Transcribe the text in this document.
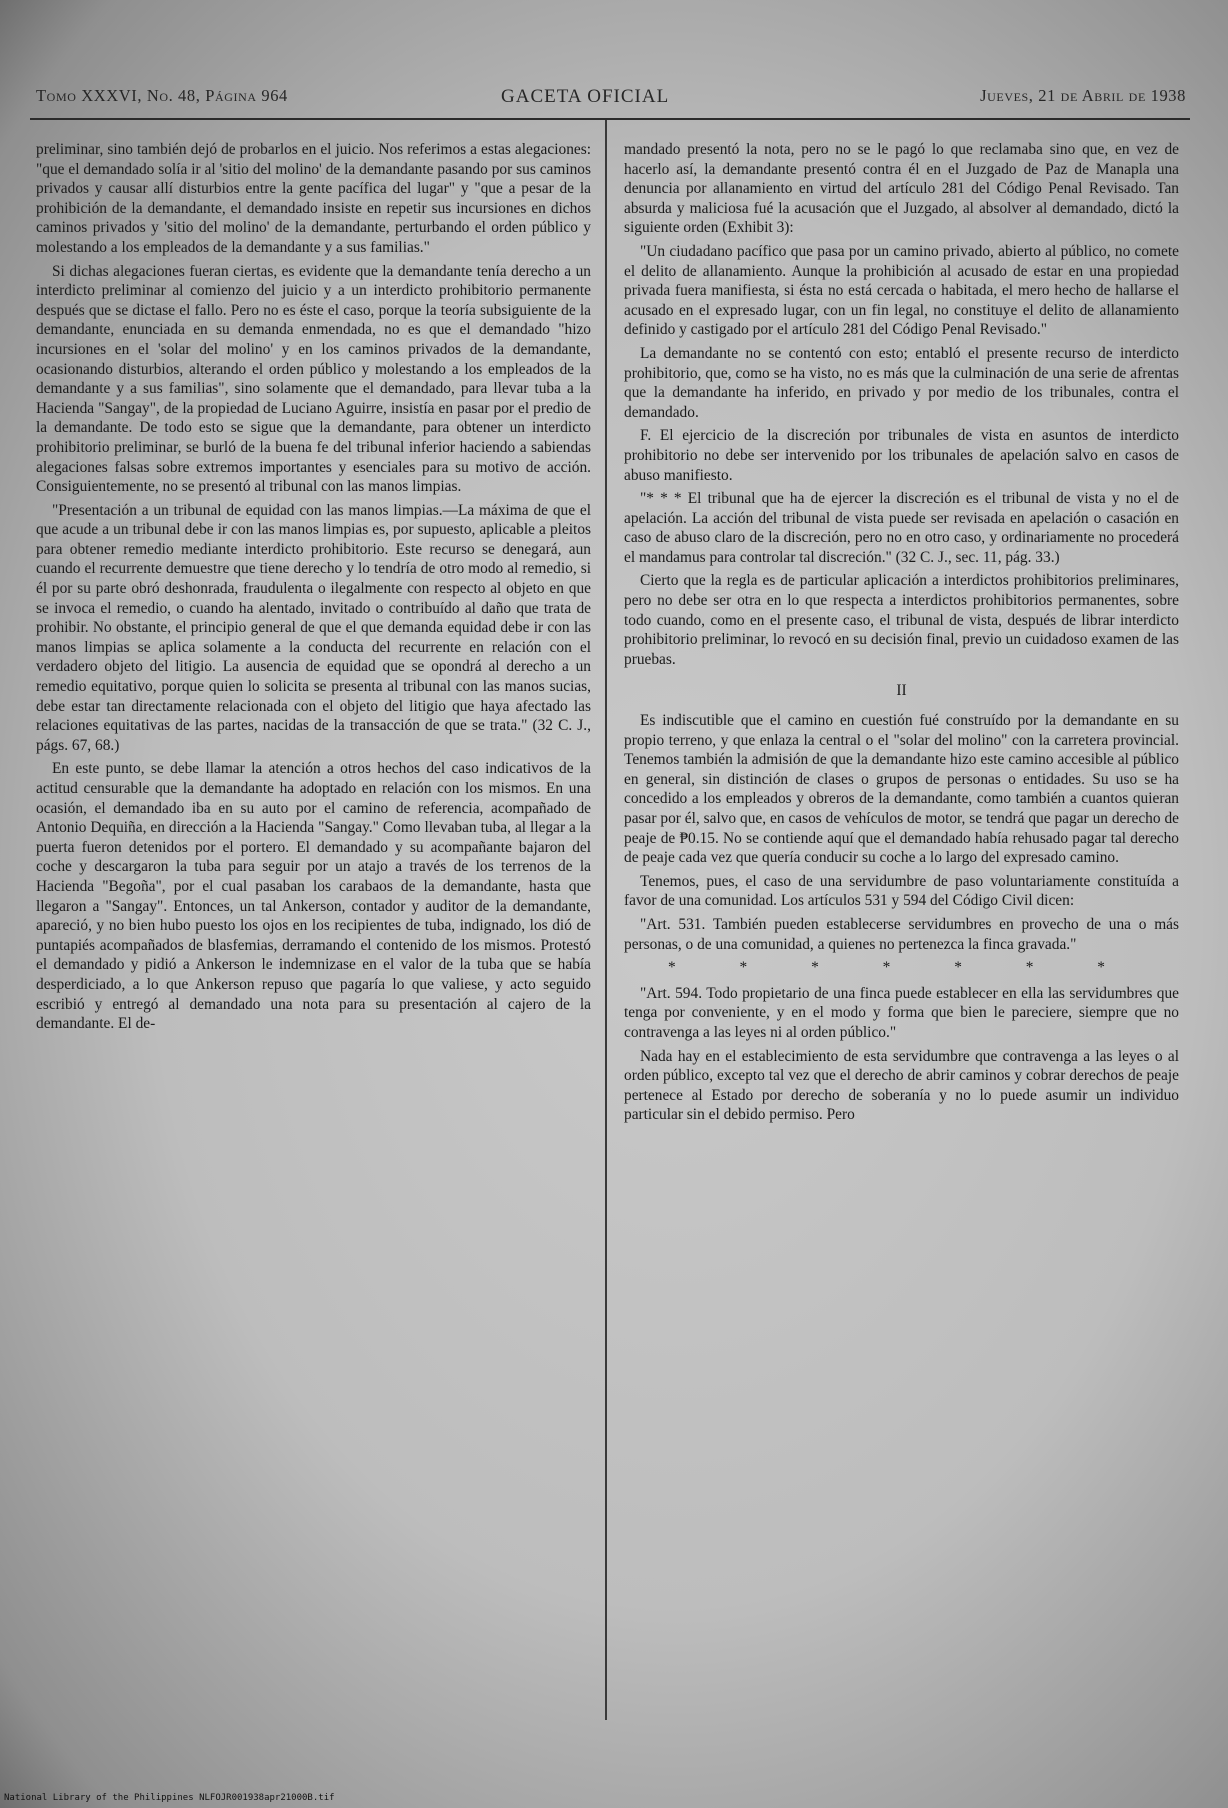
Tomo XXXVI, No. 48, Página 964	GACETA OFICIAL	Jueves, 21 de Abril de 1938

preliminar, sino también dejó de probarlos en el juicio. Nos referimos a estas alegaciones: "que el demandado solía ir al 'sitio del molino' de la demandante pasando por sus caminos privados y causar allí disturbios entre la gente pacífica del lugar" y "que a pesar de la prohibición de la demandante, el demandado insiste en repetir sus incursiones en dichos caminos privados y 'sitio del molino' de la demandante, perturbando el orden público y molestando a los empleados de la demandante y a sus familias."

Si dichas alegaciones fueran ciertas, es evidente que la demandante tenía derecho a un interdicto preliminar al comienzo del juicio y a un interdicto prohibitorio permanente después que se dictase el fallo. Pero no es éste el caso, porque la teoría subsiguiente de la demandante, enunciada en su demanda enmendada, no es que el demandado "hizo incursiones en el 'solar del molino' y en los caminos privados de la demandante, ocasionando disturbios, alterando el orden público y molestando a los empleados de la demandante y a sus familias", sino solamente que el demandado, para llevar tuba a la Hacienda "Sangay", de la propiedad de Luciano Aguirre, insistía en pasar por el predio de la demandante. De todo esto se sigue que la demandante, para obtener un interdicto prohibitorio preliminar, se burló de la buena fe del tribunal inferior haciendo a sabiendas alegaciones falsas sobre extremos importantes y esenciales para su motivo de acción. Consiguientemente, no se presentó al tribunal con las manos limpias.

"Presentación a un tribunal de equidad con las manos limpias.—La máxima de que el que acude a un tribunal debe ir con las manos limpias es, por supuesto, aplicable a pleitos para obtener remedio mediante interdicto prohibitorio. Este recurso se denegará, aun cuando el recurrente demuestre que tiene derecho y lo tendría de otro modo al remedio, si él por su parte obró deshonrada, fraudulenta o ilegalmente con respecto al objeto en que se invoca el remedio, o cuando ha alentado, invitado o contribuído al daño que trata de prohibir. No obstante, el principio general de que el que demanda equidad debe ir con las manos limpias se aplica solamente a la conducta del recurrente en relación con el verdadero objeto del litigio. La ausencia de equidad que se opondrá al derecho a un remedio equitativo, porque quien lo solicita se presenta al tribunal con las manos sucias, debe estar tan directamente relacionada con el objeto del litigio que haya afectado las relaciones equitativas de las partes, nacidas de la transacción de que se trata." (32 C. J., págs. 67, 68.)

En este punto, se debe llamar la atención a otros hechos del caso indicativos de la actitud censurable que la demandante ha adoptado en relación con los mismos. En una ocasión, el demandado iba en su auto por el camino de referencia, acompañado de Antonio Dequiña, en dirección a la Hacienda "Sangay." Como llevaban tuba, al llegar a la puerta fueron detenidos por el portero. El demandado y su acompañante bajaron del coche y descargaron la tuba para seguir por un atajo a través de los terrenos de la Hacienda "Begoña", por el cual pasaban los carabaos de la demandante, hasta que llegaron a "Sangay". Entonces, un tal Ankerson, contador y auditor de la demandante, apareció, y no bien hubo puesto los ojos en los recipientes de tuba, indignado, los dió de puntapiés acompañados de blasfemias, derramando el contenido de los mismos. Protestó el demandado y pidió a Ankerson le indemnizase en el valor de la tuba que se había desperdiciado, a lo que Ankerson repuso que pagaría lo que valiese, y acto seguido escribió y entregó al demandado una nota para su presentación al cajero de la demandante. El de-

mandado presentó la nota, pero no se le pagó lo que reclamaba sino que, en vez de hacerlo así, la demandante presentó contra él en el Juzgado de Paz de Manapla una denuncia por allanamiento en virtud del artículo 281 del Código Penal Revisado. Tan absurda y maliciosa fué la acusación que el Juzgado, al absolver al demandado, dictó la siguiente orden (Exhibit 3):

"Un ciudadano pacífico que pasa por un camino privado, abierto al público, no comete el delito de allanamiento. Aunque la prohibición al acusado de estar en una propiedad privada fuera manifiesta, si ésta no está cercada o habitada, el mero hecho de hallarse el acusado en el expresado lugar, con un fin legal, no constituye el delito de allanamiento definido y castigado por el artículo 281 del Código Penal Revisado."

La demandante no se contentó con esto; entabló el presente recurso de interdicto prohibitorio, que, como se ha visto, no es más que la culminación de una serie de afrentas que la demandante ha inferido, en privado y por medio de los tribunales, contra el demandado.

F. El ejercicio de la discreción por tribunales de vista en asuntos de interdicto prohibitorio no debe ser intervenido por los tribunales de apelación salvo en casos de abuso manifiesto.

"* * * El tribunal que ha de ejercer la discreción es el tribunal de vista y no el de apelación. La acción del tribunal de vista puede ser revisada en apelación o casación en caso de abuso claro de la discreción, pero no en otro caso, y ordinariamente no procederá el mandamus para controlar tal discreción." (32 C. J., sec. 11, pág. 33.)

Cierto que la regla es de particular aplicación a interdictos prohibitorios preliminares, pero no debe ser otra en lo que respecta a interdictos prohibitorios permanentes, sobre todo cuando, como en el presente caso, el tribunal de vista, después de librar interdicto prohibitorio preliminar, lo revocó en su decisión final, previo un cuidadoso examen de las pruebas.

II

Es indiscutible que el camino en cuestión fué construído por la demandante en su propio terreno, y que enlaza la central o el "solar del molino" con la carretera provincial. Tenemos también la admisión de que la demandante hizo este camino accesible al público en general, sin distinción de clases o grupos de personas o entidades. Su uso se ha concedido a los empleados y obreros de la demandante, como también a cuantos quieran pasar por él, salvo que, en casos de vehículos de motor, se tendrá que pagar un derecho de peaje de ₱0.15. No se contiende aquí que el demandado había rehusado pagar tal derecho de peaje cada vez que quería conducir su coche a lo largo del expresado camino.

Tenemos, pues, el caso de una servidumbre de paso voluntariamente constituída a favor de una comunidad. Los artículos 531 y 594 del Código Civil dicen:

"Art. 531. También pueden establecerse servidumbres en provecho de una o más personas, o de una comunidad, a quienes no pertenezca la finca gravada."

* * * * * * *

"Art. 594. Todo propietario de una finca puede establecer en ella las servidumbres que tenga por conveniente, y en el modo y forma que bien le pareciere, siempre que no contravenga a las leyes ni al orden público."

Nada hay en el establecimiento de esta servidumbre que contravenga a las leyes o al orden público, excepto tal vez que el derecho de abrir caminos y cobrar derechos de peaje pertenece al Estado por derecho de soberanía y no lo puede asumir un individuo particular sin el debido permiso. Pero

National Library of the Philippines NLFOJR001938apr21000B.tif
